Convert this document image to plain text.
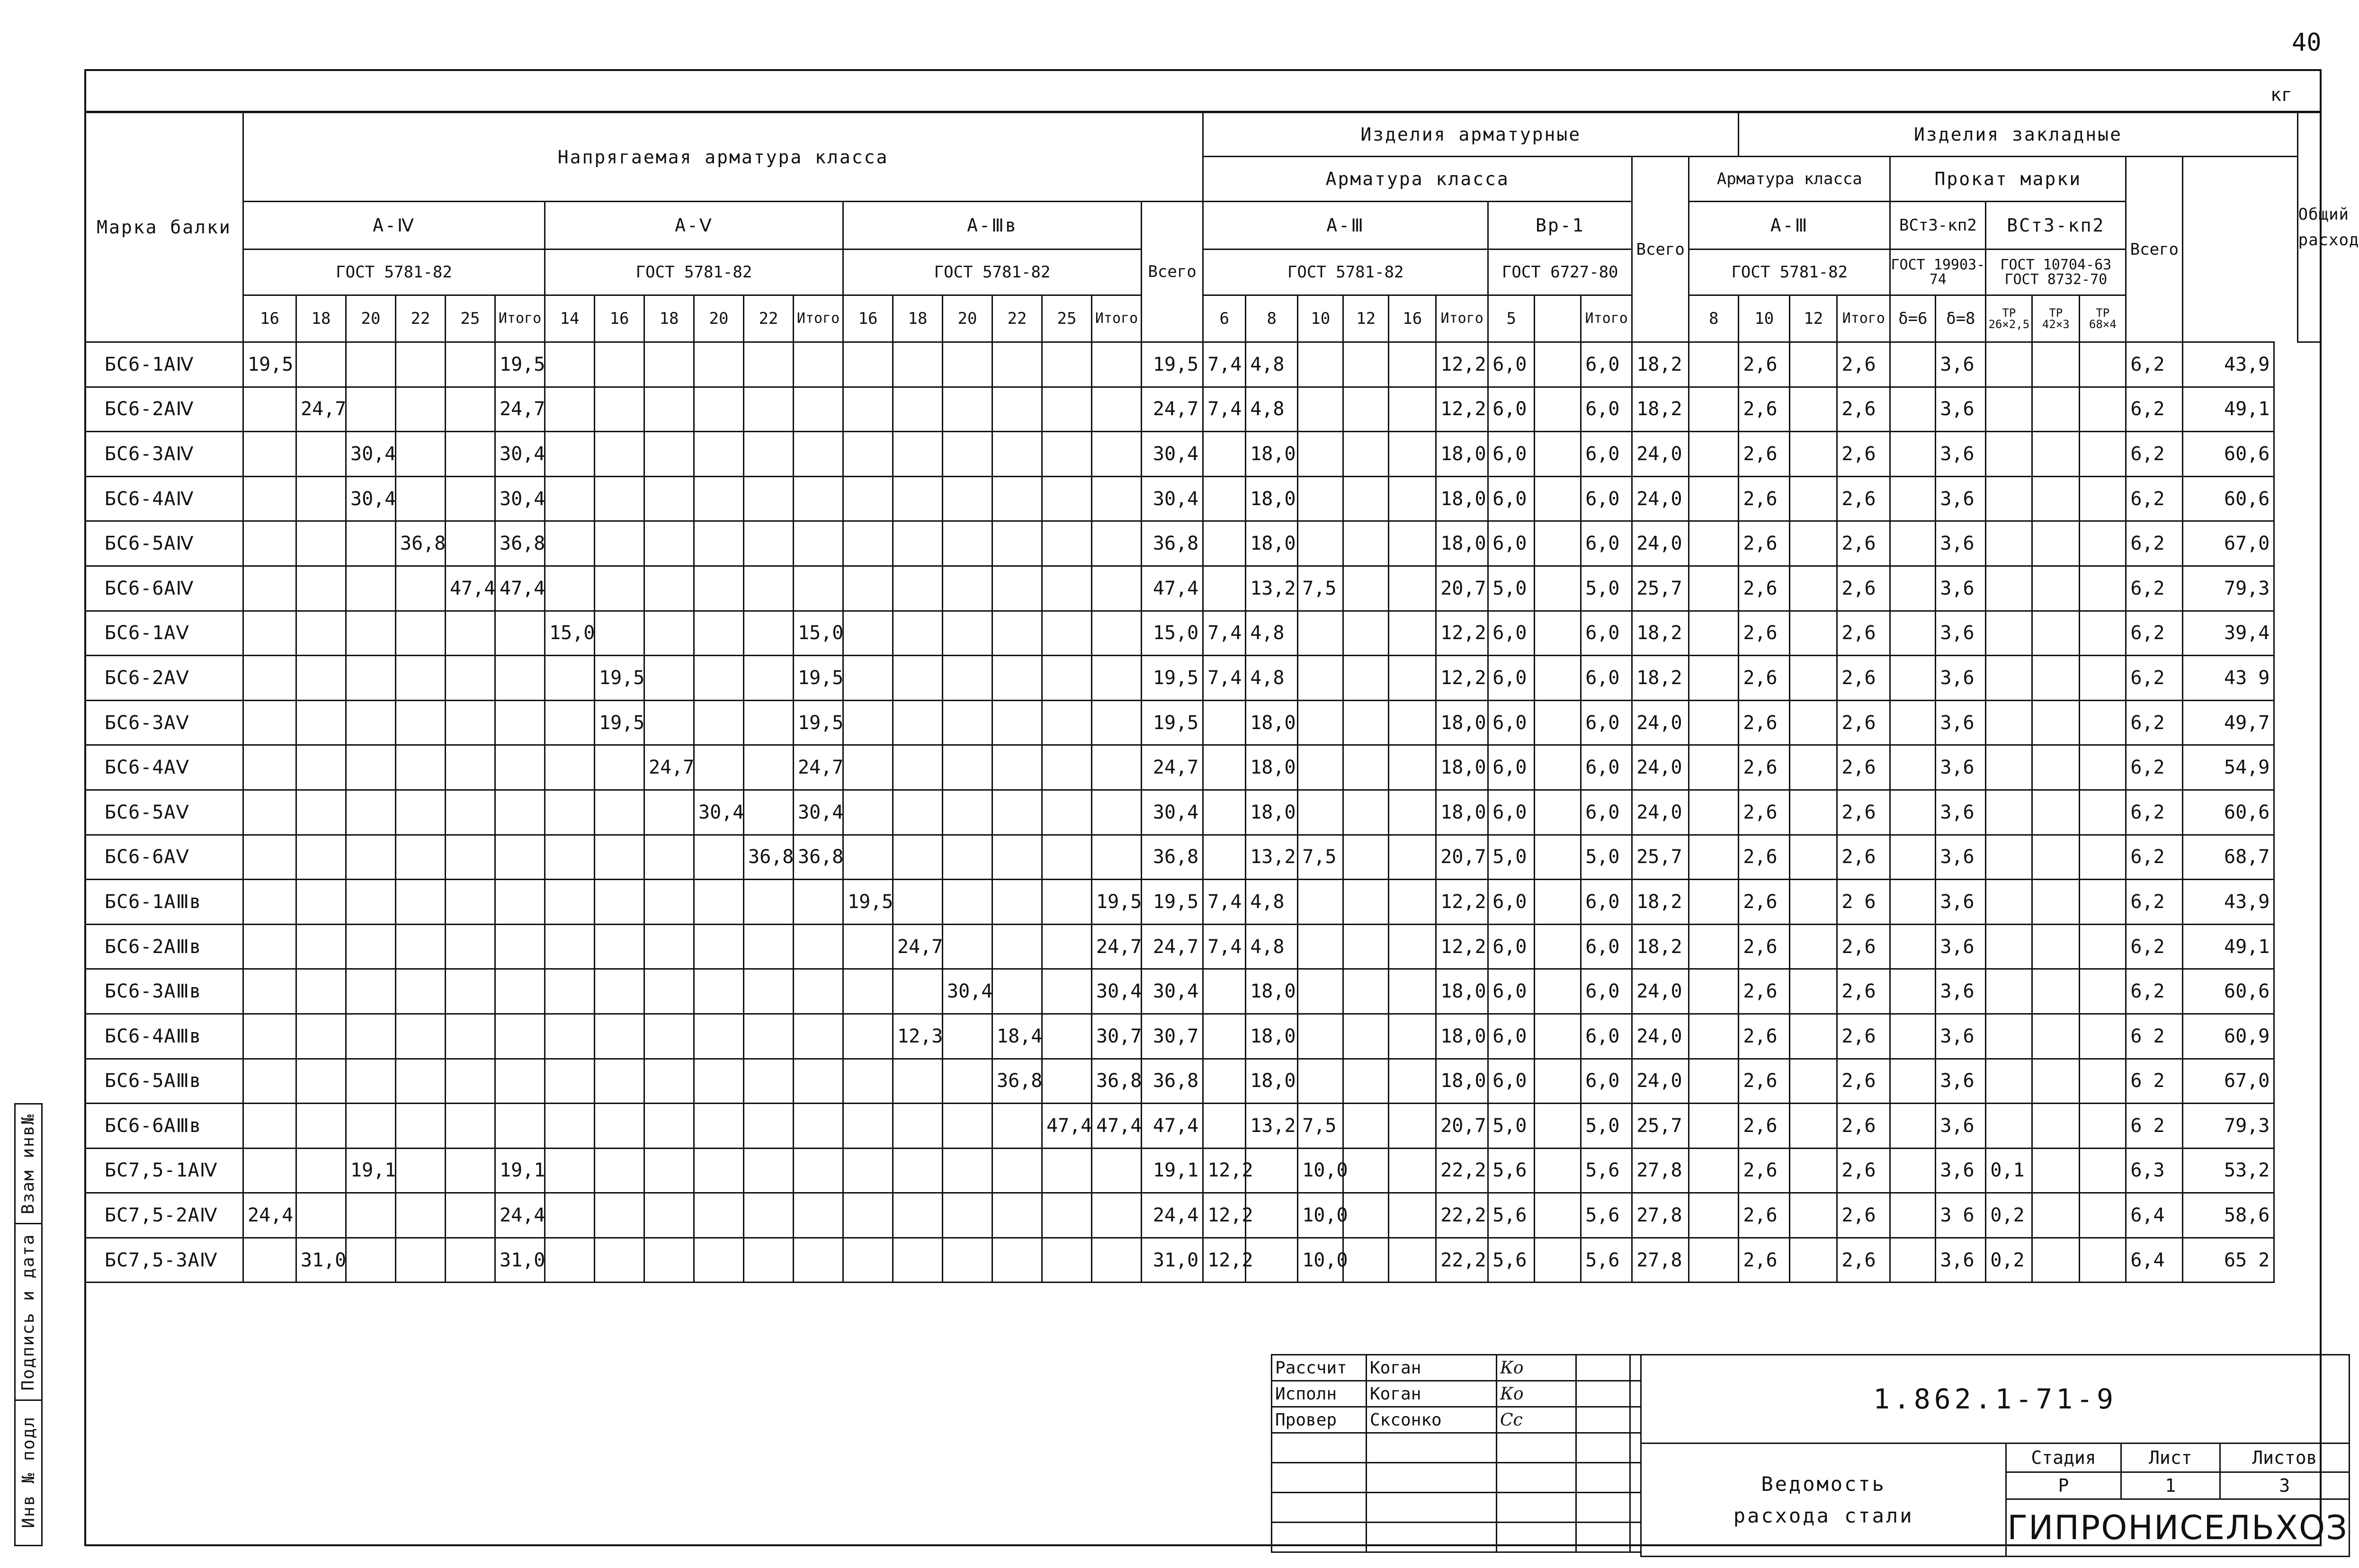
40
кг
Марка балки	Напрягаемая арматура класса																			Изделия арматурные											Изделия закладные										Общий расход
																				Арматура класса									Всего	Арматура класса				Прокат марки					Всего		
	А-Ⅳ						А-Ⅴ						А-Ⅲв						Всего	А-Ⅲ						Вр-1				А-Ⅲ				ВСт3-кп2		ВСт3-кп2					
	ГОСТ 5781-82						ГОСТ 5781-82						ГОСТ 5781-82							ГОСТ 5781-82						ГОСТ 6727-80				ГОСТ 5781-82				ГОСТ 19903-74		ГОСТ 10704-63 ГОСТ 8732-70					
	16	18	20	22	25	Итого	14	16	18	20	22	Итого	16	18	20	22	25	Итого		6	8	10	12	16	Итого	5		Итого		8	10	12	Итого	δ=6	δ=8	ТР 26×2,5	ТР 42×3	ТР 68×4			
БС6-1АⅣ	19,5					19,5													19,5	7,4	4,8				12,2	6,0		6,0	18,2		2,6		2,6		3,6				6,2	43,9	
БС6-2АⅣ		24,7				24,7													24,7	7,4	4,8				12,2	6,0		6,0	18,2		2,6		2,6		3,6				6,2	49,1	
БС6-3АⅣ			30,4			30,4													30,4		18,0				18,0	6,0		6,0	24,0		2,6		2,6		3,6				6,2	60,6	
БС6-4АⅣ			30,4			30,4													30,4		18,0				18,0	6,0		6,0	24,0		2,6		2,6		3,6				6,2	60,6	
БС6-5АⅣ				36,8		36,8													36,8		18,0				18,0	6,0		6,0	24,0		2,6		2,6		3,6				6,2	67,0	
БС6-6АⅣ					47,4	47,4													47,4		13,2	7,5			20,7	5,0		5,0	25,7		2,6		2,6		3,6				6,2	79,3	
БС6-1АⅤ							15,0					15,0							15,0	7,4	4,8				12,2	6,0		6,0	18,2		2,6		2,6		3,6				6,2	39,4	
БС6-2АⅤ								19,5				19,5							19,5	7,4	4,8				12,2	6,0		6,0	18,2		2,6		2,6		3,6				6,2	43 9	
БС6-3АⅤ								19,5				19,5							19,5		18,0				18,0	6,0		6,0	24,0		2,6		2,6		3,6				6,2	49,7	
БС6-4АⅤ									24,7			24,7							24,7		18,0				18,0	6,0		6,0	24,0		2,6		2,6		3,6				6,2	54,9	
БС6-5АⅤ										30,4		30,4							30,4		18,0				18,0	6,0		6,0	24,0		2,6		2,6		3,6				6,2	60,6	
БС6-6АⅤ											36,8	36,8							36,8		13,2	7,5			20,7	5,0		5,0	25,7		2,6		2,6		3,6				6,2	68,7	
БС6-1АⅢв													19,5					19,5	19,5	7,4	4,8				12,2	6,0		6,0	18,2		2,6		2 6		3,6				6,2	43,9	
БС6-2АⅢв														24,7				24,7	24,7	7,4	4,8				12,2	6,0		6,0	18,2		2,6		2,6		3,6				6,2	49,1	
БС6-3АⅢв															30,4			30,4	30,4		18,0				18,0	6,0		6,0	24,0		2,6		2,6		3,6				6,2	60,6	
БС6-4АⅢв														12,3		18,4		30,7	30,7		18,0				18,0	6,0		6,0	24,0		2,6		2,6		3,6				6 2	60,9	
БС6-5АⅢв																36,8		36,8	36,8		18,0				18,0	6,0		6,0	24,0		2,6		2,6		3,6				6 2	67,0	
БС6-6АⅢв																	47,4	47,4	47,4		13,2	7,5			20,7	5,0		5,0	25,7		2,6		2,6		3,6				6 2	79,3	
БС7,5-1АⅣ			19,1			19,1													19,1	12,2		10,0			22,2	5,6		5,6	27,8		2,6		2,6		3,6	0,1			6,3	53,2	
БС7,5-2АⅣ	24,4					24,4													24,4	12,2		10,0			22,2	5,6		5,6	27,8		2,6		2,6		3 6	0,2			6,4	58,6	
БС7,5-3АⅣ		31,0				31,0													31,0	12,2		10,0			22,2	5,6		5,6	27,8		2,6		2,6		3,6	0,2			6,4	65 2	
Взам инв№
Подпись и дата
Инв № подл
Рассчит	Коган	Ко		
Исполн	Коган	Ко		
Провер	Сксонко	Сс		

1.862.1-71-9			

Ведомость
расхода стали	Стадия	Лист	Листов
	Р	1	3
	ГИПРОНИСЕЛЬХОЗ		
